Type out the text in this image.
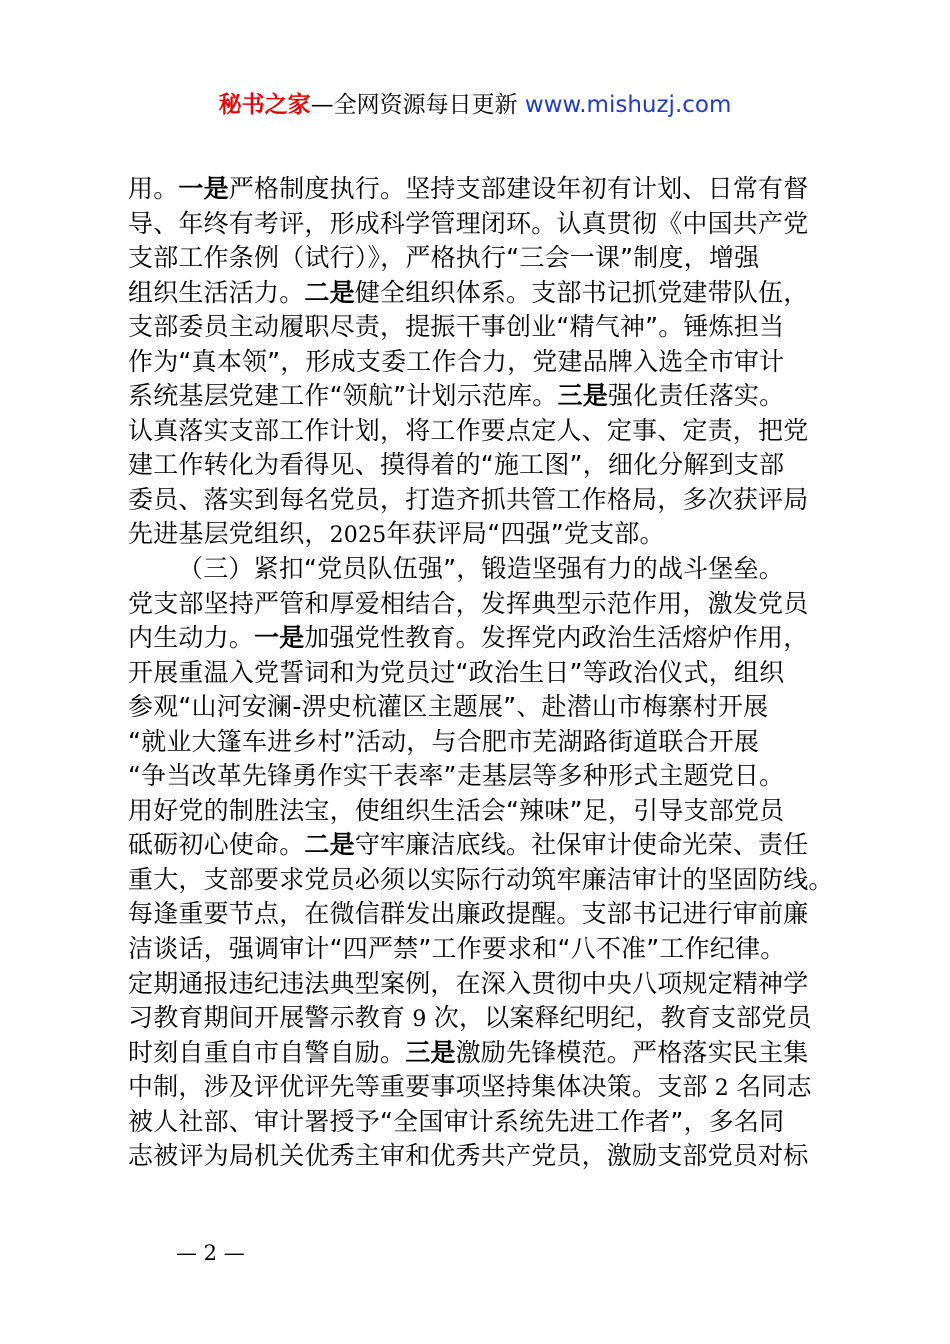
秘书之家—全网资源每日更新 www.mishuzj.com
用。一是严格制度执行。坚持支部建设年初有计划、日常有督
导、年终有考评，形成科学管理闭环。认真贯彻《中国共产党
支部工作条例（试行）》，严格执行“三会一课”制度，增强
组织生活活力。二是健全组织体系。支部书记抓党建带队伍，
支部委员主动履职尽责，提振干事创业“精气神”。锤炼担当
作为“真本领”，形成支委工作合力，党建品牌入选全市审计
系统基层党建工作“领航”计划示范库。三是强化责任落实。
认真落实支部工作计划，将工作要点定人、定事、定责，把党
建工作转化为看得见、摸得着的“施工图”，细化分解到支部
委员、落实到每名党员，打造齐抓共管工作格局，多次获评局
先进基层党组织，2025年获评局“四强”党支部。
（三）紧扣“党员队伍强”，锻造坚强有力的战斗堡垒。
党支部坚持严管和厚爱相结合，发挥典型示范作用，激发党员
内生动力。一是加强党性教育。发挥党内政治生活熔炉作用，
开展重温入党誓词和为党员过“政治生日”等政治仪式，组织
参观“山河安澜-淠史杭灌区主题展”、赴潜山市梅寨村开展
“就业大篷车进乡村”活动，与合肥市芜湖路街道联合开展
“争当改革先锋勇作实干表率”走基层等多种形式主题党日。
用好党的制胜法宝，使组织生活会“辣味”足，引导支部党员
砥砺初心使命。二是守牢廉洁底线。社保审计使命光荣、责任
重大，支部要求党员必须以实际行动筑牢廉洁审计的坚固防线。
每逢重要节点，在微信群发出廉政提醒。支部书记进行审前廉
洁谈话，强调审计“四严禁”工作要求和“八不准”工作纪律。
定期通报违纪违法典型案例，在深入贯彻中央八项规定精神学
习教育期间开展警示教育 9 次，以案释纪明纪，教育支部党员
时刻自重自市自警自励。三是激励先锋模范。严格落实民主集
中制，涉及评优评先等重要事项坚持集体决策。支部 2 名同志
被人社部、审计署授予“全国审计系统先进工作者”，多名同
志被评为局机关优秀主审和优秀共产党员，激励支部党员对标
— 2 —
